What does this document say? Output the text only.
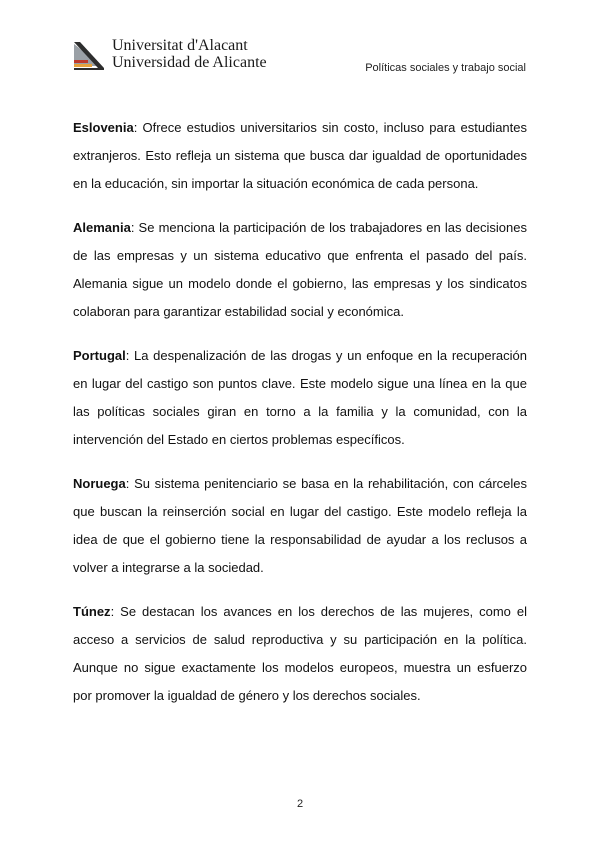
Universitat d'Alacant
Universidad de Alicante	Políticas sociales y trabajo social

Eslovenia: Ofrece estudios universitarios sin costo, incluso para estudiantes extranjeros. Esto refleja un sistema que busca dar igualdad de oportunidades en la educación, sin importar la situación económica de cada persona.

Alemania: Se menciona la participación de los trabajadores en las decisiones de las empresas y un sistema educativo que enfrenta el pasado del país. Alemania sigue un modelo donde el gobierno, las empresas y los sindicatos colaboran para garantizar estabilidad social y económica.

Portugal: La despenalización de las drogas y un enfoque en la recuperación en lugar del castigo son puntos clave. Este modelo sigue una línea en la que las políticas sociales giran en torno a la familia y la comunidad, con la intervención del Estado en ciertos problemas específicos.

Noruega: Su sistema penitenciario se basa en la rehabilitación, con cárceles que buscan la reinserción social en lugar del castigo. Este modelo refleja la idea de que el gobierno tiene la responsabilidad de ayudar a los reclusos a volver a integrarse a la sociedad.

Túnez: Se destacan los avances en los derechos de las mujeres, como el acceso a servicios de salud reproductiva y su participación en la política. Aunque no sigue exactamente los modelos europeos, muestra un esfuerzo por promover la igualdad de género y los derechos sociales.

2
